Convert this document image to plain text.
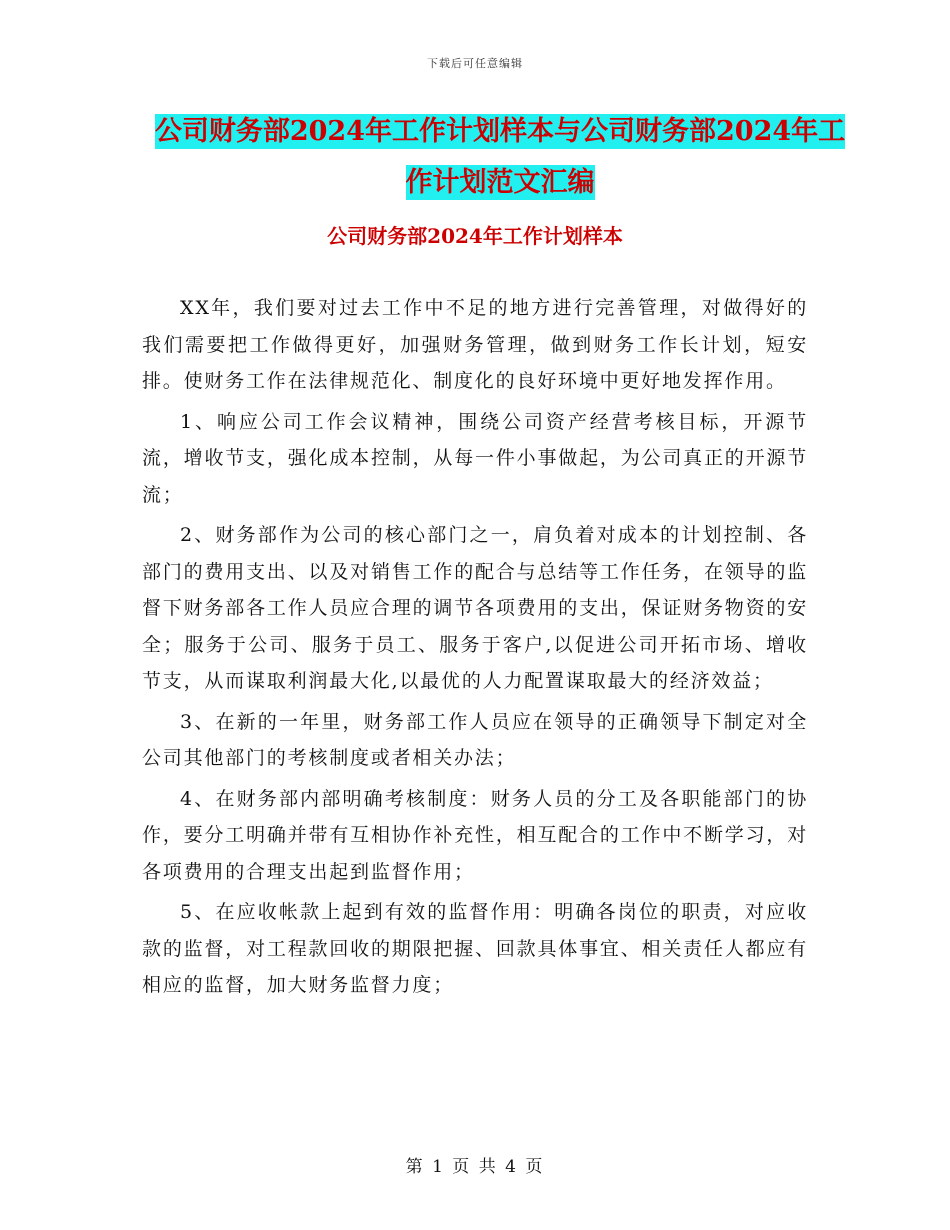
下载后可任意编辑
公司财务部2024年工作计划样本与公司财务部2024年工作计划范文汇编
公司财务部2024年工作计划样本

XX年，我们要对过去工作中不足的地方进行完善管理，对做得好的我们需要把工作做得更好，加强财务管理，做到财务工作长计划，短安排。使财务工作在法律规范化、制度化的良好环境中更好地发挥作用。

1、响应公司工作会议精神，围绕公司资产经营考核目标，开源节流，增收节支，强化成本控制，从每一件小事做起，为公司真正的开源节流；

2、财务部作为公司的核心部门之一，肩负着对成本的计划控制、各部门的费用支出、以及对销售工作的配合与总结等工作任务，在领导的监督下财务部各工作人员应合理的调节各项费用的支出，保证财务物资的安全；服务于公司、服务于员工、服务于客户,以促进公司开拓市场、增收节支，从而谋取利润最大化,以最优的人力配置谋取最大的经济效益；

3、在新的一年里，财务部工作人员应在领导的正确领导下制定对全公司其他部门的考核制度或者相关办法；

4、在财务部内部明确考核制度：财务人员的分工及各职能部门的协作，要分工明确并带有互相协作补充性，相互配合的工作中不断学习，对各项费用的合理支出起到监督作用；

5、在应收帐款上起到有效的监督作用：明确各岗位的职责，对应收款的监督，对工程款回收的期限把握、回款具体事宜、相关责任人都应有相应的监督，加大财务监督力度；

第 1 页 共 4 页
